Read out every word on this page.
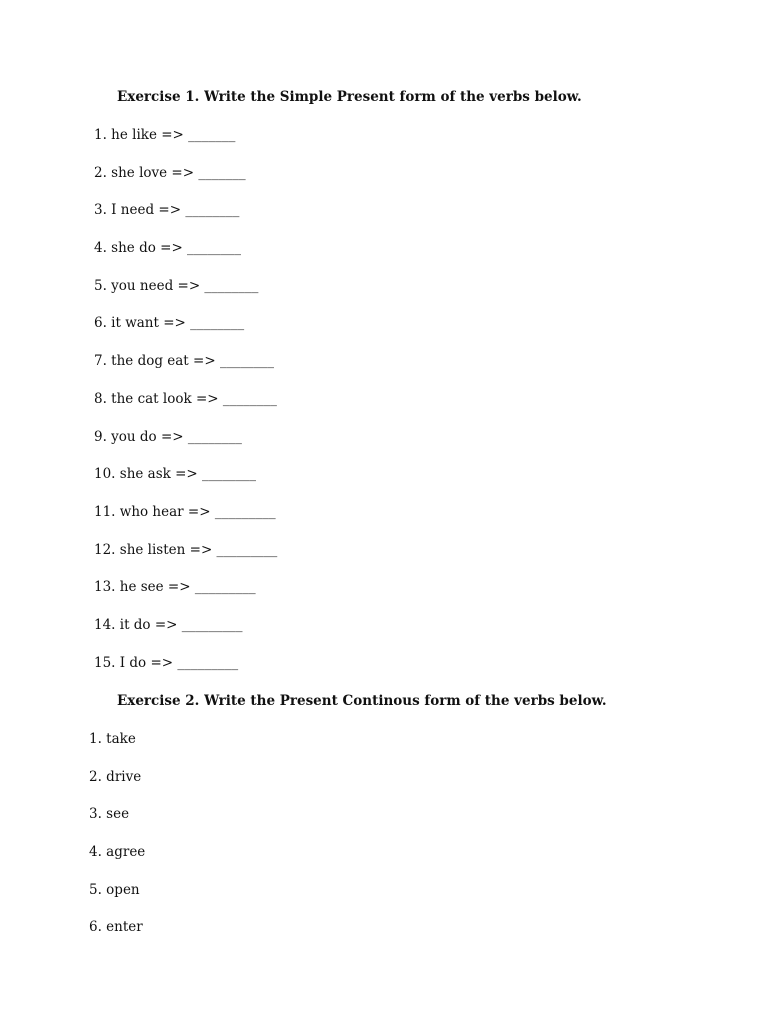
Exercise 1. Write the Simple Present form of the verbs below.
1. he like => _______
2. she love => _______
3. I need => ________
4. she do => ________
5. you need => ________
6. it want => ________
7. the dog eat => ________
8. the cat look => ________
9. you do => ________
10. she ask => ________
11. who hear => _________
12. she listen => _________
13. he see => _________
14. it do => _________
15. I do => _________
Exercise 2. Write the Present Continous form of the verbs below.
1. take
2. drive
3. see
4. agree
5. open
6. enter
